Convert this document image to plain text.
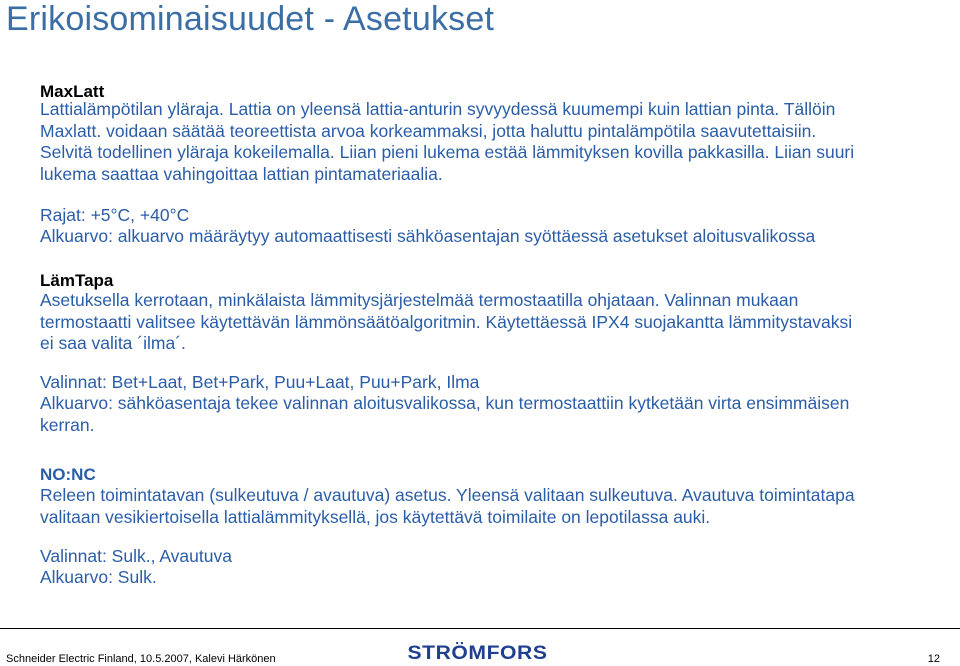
Erikoisominaisuudet - Asetukset
MaxLatt
Lattialämpötilan yläraja. Lattia on yleensä lattia-anturin syvyydessä kuumempi kuin lattian pinta. Tällöin
Maxlatt. voidaan säätää teoreettista arvoa korkeammaksi, jotta haluttu pintalämpötila saavutettaisiin.
Selvitä todellinen yläraja kokeilemalla. Liian pieni lukema estää lämmityksen kovilla pakkasilla. Liian suuri
lukema saattaa vahingoittaa lattian pintamateriaalia.
Rajat: +5°C, +40°C
Alkuarvo: alkuarvo määräytyy automaattisesti sähköasentajan syöttäessä asetukset aloitusvalikossa
LämTapa
Asetuksella kerrotaan, minkälaista lämmitysjärjestelmää termostaatilla ohjataan. Valinnan mukaan
termostaatti valitsee käytettävän lämmönsäätöalgoritmin. Käytettäessä IPX4 suojakantta lämmitystavaksi
ei saa valita ´ilma´.
Valinnat: Bet+Laat, Bet+Park, Puu+Laat, Puu+Park, Ilma
Alkuarvo: sähköasentaja tekee valinnan aloitusvalikossa, kun termostaattiin kytketään virta ensimmäisen
kerran.
NO:NC
Releen toimintatavan (sulkeutuva / avautuva) asetus. Yleensä valitaan sulkeutuva. Avautuva toimintatapa
valitaan vesikiertoisella lattialämmityksellä, jos käytettävä toimilaite on lepotilassa auki.
Valinnat: Sulk., Avautuva
Alkuarvo: Sulk.
Schneider Electric Finland, 10.5.2007, Kalevi Härkönen	STRÖMFORS	12
